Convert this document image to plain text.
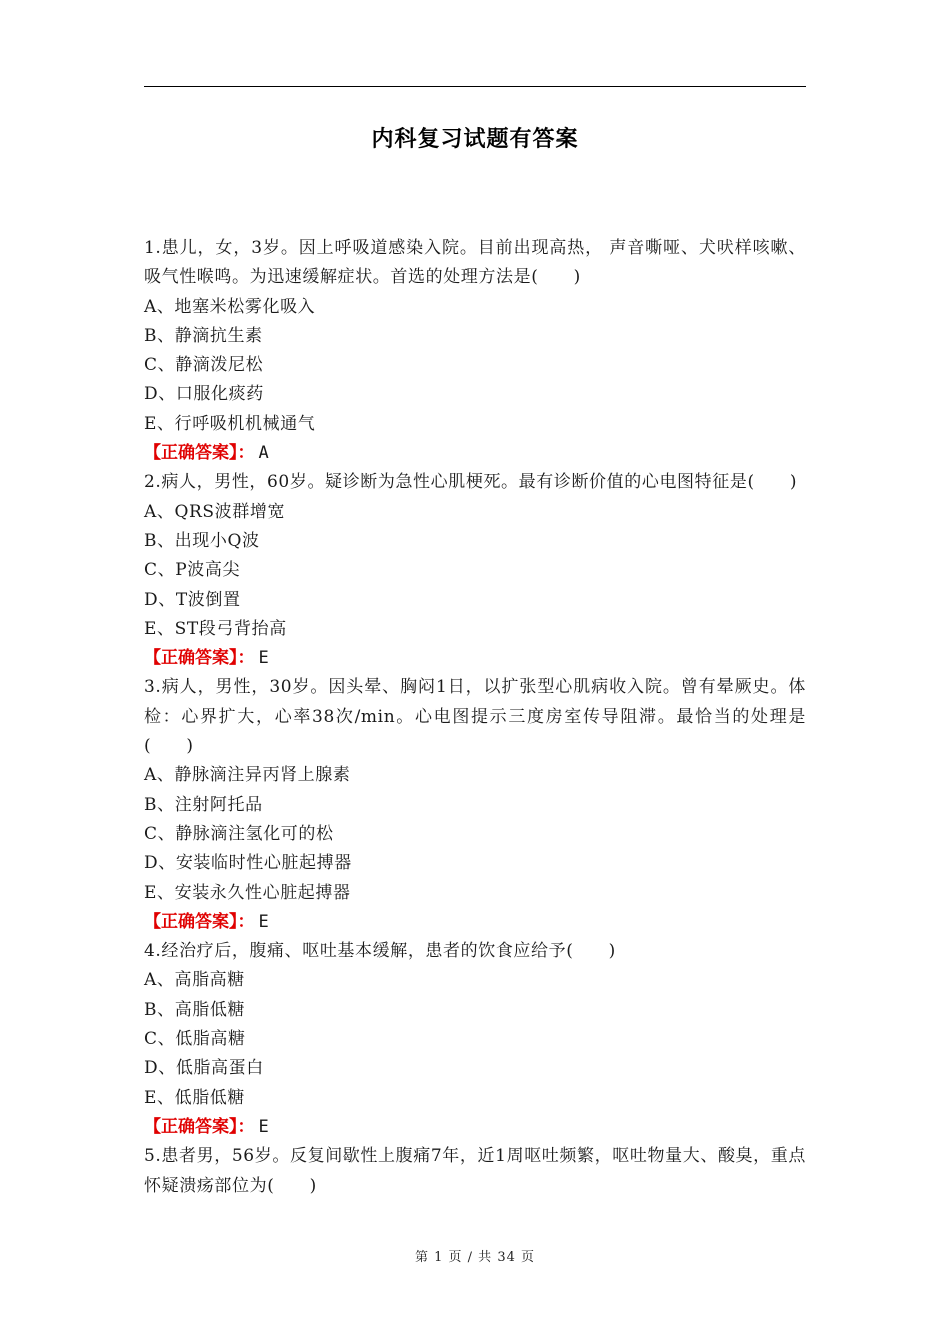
内科复习试题有答案
1.患儿，女，3岁。因上呼吸道感染入院。目前出现高热， 声音嘶哑、犬吠样咳嗽、吸气性喉鸣。为迅速缓解症状。首选的处理方法是(　　)
A、地塞米松雾化吸入
B、静滴抗生素
C、静滴泼尼松
D、口服化痰药
E、行呼吸机机械通气
【正确答案】： A
2.病人，男性，60岁。疑诊断为急性心肌梗死。最有诊断价值的心电图特征是(　　)
A、QRS波群增宽
B、出现小Q波
C、P波高尖
D、T波倒置
E、ST段弓背抬高
【正确答案】： E
3.病人，男性，30岁。因头晕、胸闷1日，以扩张型心肌病收入院。曾有晕厥史。体检：心界扩大，心率38次/min。心电图提示三度房室传导阻滞。最恰当的处理是(　　)
A、静脉滴注异丙肾上腺素
B、注射阿托品
C、静脉滴注氢化可的松
D、安装临时性心脏起搏器
E、安装永久性心脏起搏器
【正确答案】： E
4.经治疗后，腹痛、呕吐基本缓解，患者的饮食应给予(　　)
A、高脂高糖
B、高脂低糖
C、低脂高糖
D、低脂高蛋白
E、低脂低糖
【正确答案】： E
5.患者男，56岁。反复间歇性上腹痛7年，近1周呕吐频繁，呕吐物量大、酸臭，重点怀疑溃疡部位为(　　)
第 1 页 / 共 34 页
